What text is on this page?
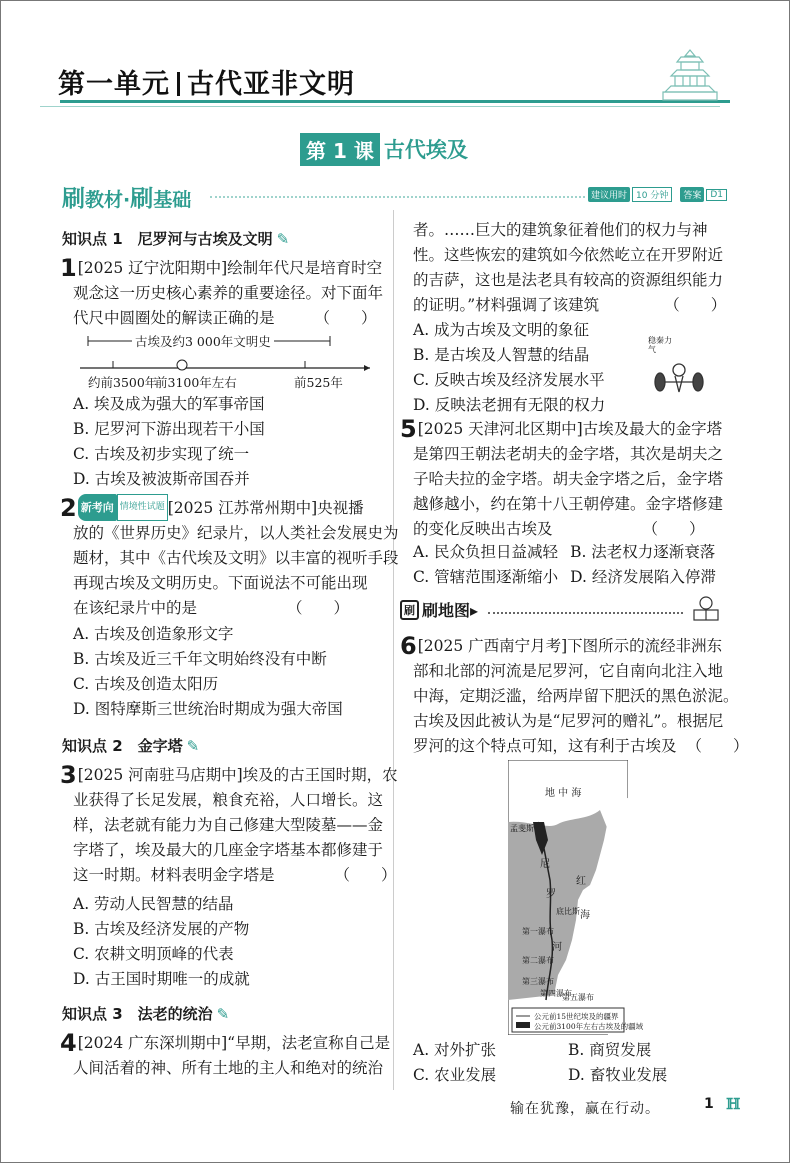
第一单元 古代亚非文明
第 1 课 古代埃及
刷教材·刷基础	建议用时	10 分钟	答案	D1
知识点 1　尼罗河与古埃及文明 ✎
1[2025 辽宁沈阳期中]绘制年代尺是培育时空
观念这一历史核心素养的重要途径。对下面年
代尺中圆圈处的解读正确的是	（　　）
古埃及约3 000年文明史
约前3500年
前3100年左右	前525年
A. 埃及成为强大的军事帝国
B. 尼罗河下游出现若干小国
C. 古埃及初步实现了统一
D. 古埃及被波斯帝国吞并
2 新考向 情境性试题 [2025 江苏常州期中]央视播
放的《世界历史》纪录片，以人类社会发展史为
题材，其中《古代埃及文明》以丰富的视听手段
再现古埃及文明历史。下面说法不可能出现
在该纪录片中的是	（　　）
A. 古埃及创造象形文字
B. 古埃及近三千年文明始终没有中断
C. 古埃及创造太阳历
D. 图特摩斯三世统治时期成为强大帝国
知识点 2　金字塔 ✎
3[2025 河南驻马店期中]埃及的古王国时期，农
业获得了长足发展，粮食充裕，人口增长。这
样，法老就有能力为自己修建大型陵墓——金
字塔了，埃及最大的几座金字塔基本都修建于
这一时期。材料表明金字塔是	（　　）
A. 劳动人民智慧的结晶
B. 古埃及经济发展的产物
C. 农耕文明顶峰的代表
D. 古王国时期唯一的成就
知识点 3　法老的统治 ✎
4[2024 广东深圳期中]“早期，法老宣称自己是
人间活着的神、所有土地的主人和绝对的统治
者。……巨大的建筑象征着他们的权力与神
性。这些恢宏的建筑如今依然屹立在开罗附近
的吉萨，这也是法老具有较高的资源组织能力
的证明。”材料强调了该建筑	（　　）
A. 成为古埃及文明的象征
B. 是古埃及人智慧的结晶
C. 反映古埃及经济发展水平
D. 反映法老拥有无限的权力
稳秦力气
5[2025 天津河北区期中]古埃及最大的金字塔
是第四王朝法老胡夫的金字塔，其次是胡夫之
子哈夫拉的金字塔。胡夫金字塔之后，金字塔
越修越小，约在第十八王朝停建。金字塔修建
的变化反映出古埃及	（　　）
A. 民众负担日益减轻 B. 法老权力逐渐衰落
C. 管辖范围逐渐缩小 D. 经济发展陷入停滞
刷 刷地图▸
6[2025 广西南宁月考]下图所示的流经非洲东
部和北部的河流是尼罗河，它自南向北注入地
中海，定期泛滥，给两岸留下肥沃的黑色淤泥。
古埃及因此被认为是“尼罗河的赠礼”。根据尼
罗河的这个特点可知，这有利于古埃及 （　　）
地 中 海
红
海
尼
罗
河
孟斐斯
底比斯
第一瀑布
第二瀑布
第三瀑布
第四瀑布
第五瀑布
公元前15世纪埃及的疆界
公元前3100年左右古埃及的疆域
A. 对外扩张	B. 商贸发展
C. 农业发展	D. 畜牧业发展
输在犹豫，赢在行动。	1 ℍ
